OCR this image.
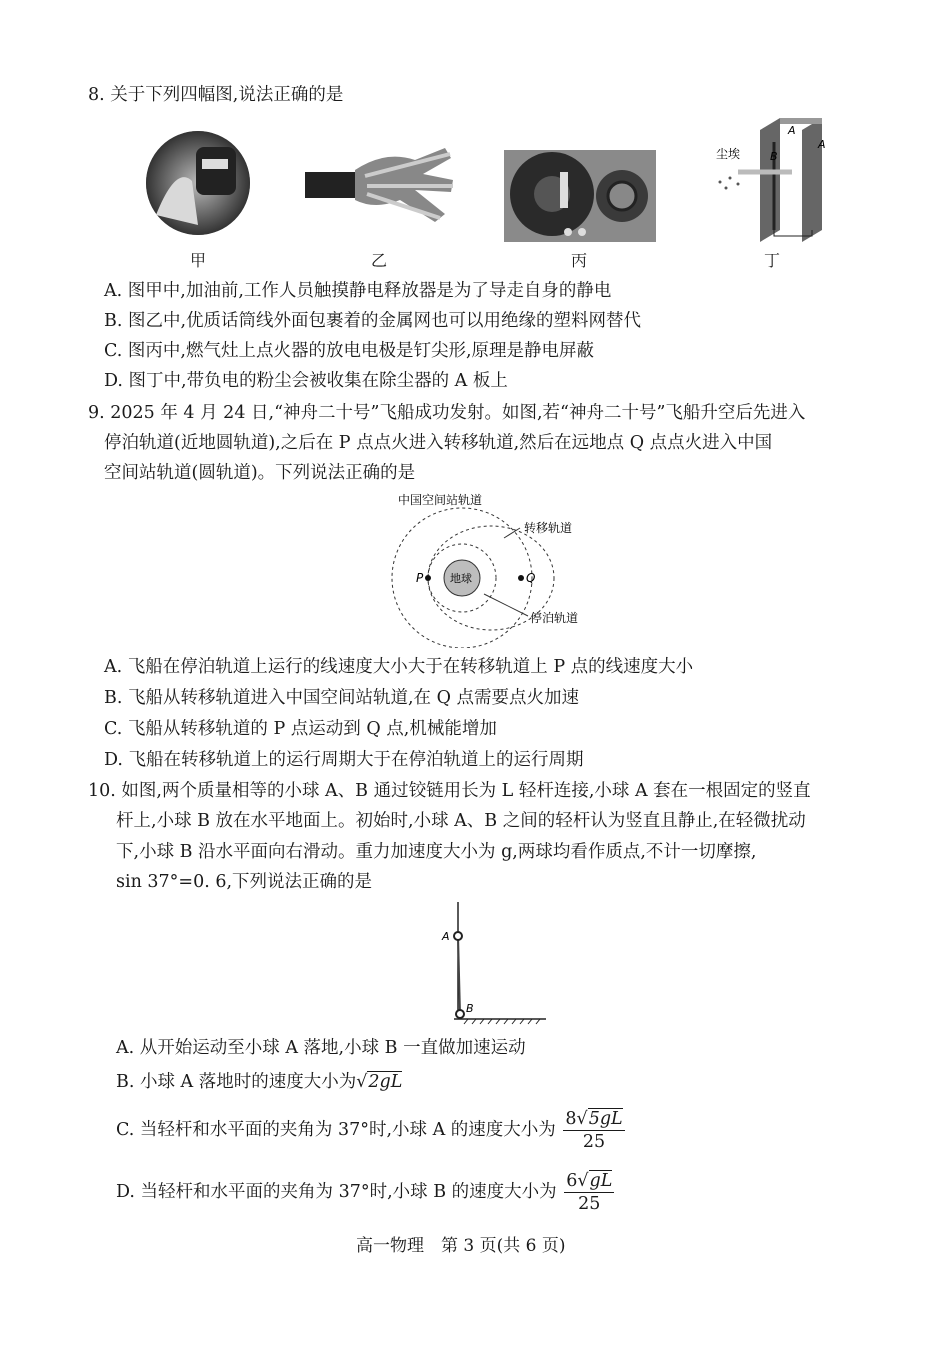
8. 关于下列四幅图,说法正确的是
甲	乙	丙
尘埃
A
A
B
丁
A. 图甲中,加油前,工作人员触摸静电释放器是为了导走自身的静电
B. 图乙中,优质话筒线外面包裹着的金属网也可以用绝缘的塑料网替代
C. 图丙中,燃气灶上点火器的放电电极是钉尖形,原理是静电屏蔽
D. 图丁中,带负电的粉尘会被收集在除尘器的 A 板上
9. 2025 年 4 月 24 日,“神舟二十号”飞船成功发射。如图,若“神舟二十号”飞船升空后先进入
停泊轨道(近地圆轨道),之后在 P 点点火进入转移轨道,然后在远地点 Q 点点火进入中国
空间站轨道(圆轨道)。下列说法正确的是
中国空间站轨道
转移轨道
停泊轨道
地球
P	Q
A. 飞船在停泊轨道上运行的线速度大小大于在转移轨道上 P 点的线速度大小
B. 飞船从转移轨道进入中国空间站轨道,在 Q 点需要点火加速
C. 飞船从转移轨道的 P 点运动到 Q 点,机械能增加
D. 飞船在转移轨道上的运行周期大于在停泊轨道上的运行周期
10. 如图,两个质量相等的小球 A、B 通过铰链用长为 L 轻杆连接,小球 A 套在一根固定的竖直
杆上,小球 B 放在水平地面上。初始时,小球 A、B 之间的轻杆认为竖直且静止,在轻微扰动
下,小球 B 沿水平面向右滑动。重力加速度大小为 g,两球均看作质点,不计一切摩擦,
sin 37°=0. 6,下列说法正确的是
A
B
A. 从开始运动至小球 A 落地,小球 B 一直做加速运动
B. 小球 A 落地时的速度大小为√2gL
C. 当轻杆和水平面的夹角为 37°时,小球 A 的速度大小为 $\frac{8√5gL}{25}$
D. 当轻杆和水平面的夹角为 37°时,小球 B 的速度大小为 $\frac{6√gL}{25}$
高一物理　第 3 页(共 6 页)
